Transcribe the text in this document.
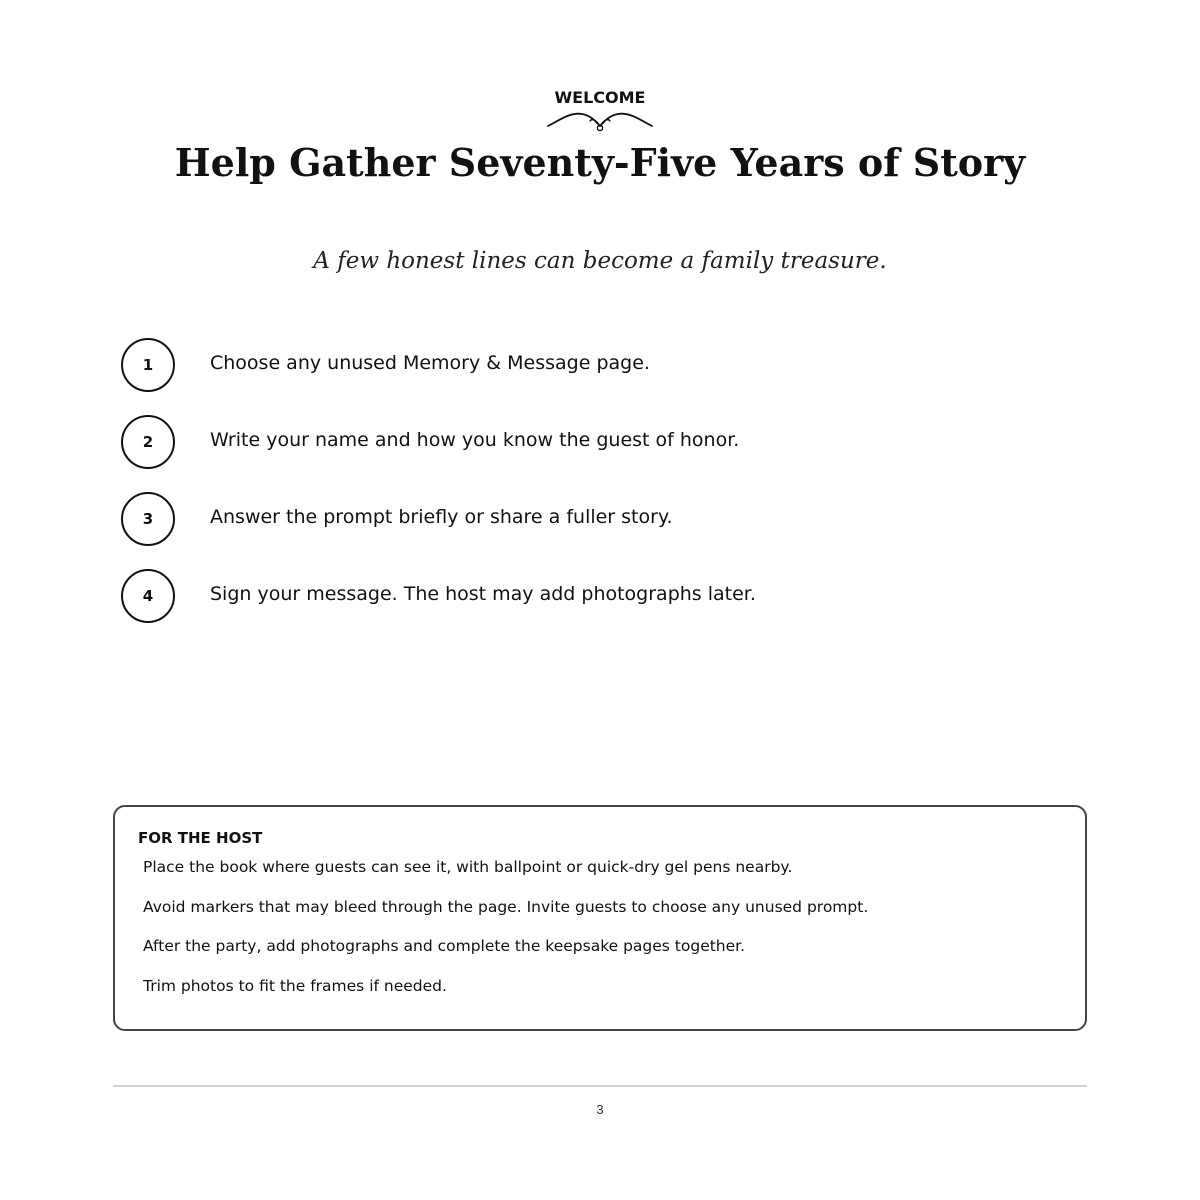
WELCOME
Help Gather Seventy-Five Years of Story

A few honest lines can become a family treasure.

1	Choose any unused Memory & Message page.
2	Write your name and how you know the guest of honor.
3	Answer the prompt briefly or share a fuller story.
4	Sign your message. The host may add photographs later.
FOR THE HOST
Place the book where guests can see it, with ballpoint or quick-dry gel pens nearby.
Avoid markers that may bleed through the page. Invite guests to choose any unused prompt.
After the party, add photographs and complete the keepsake pages together.
Trim photos to fit the frames if needed.
3
